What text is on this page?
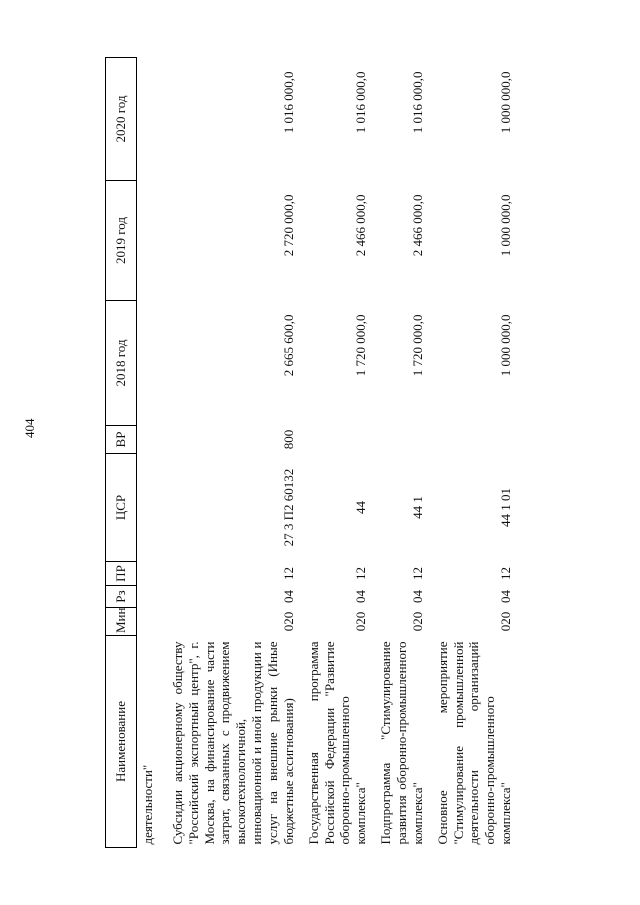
404
Наименование	Мин	Рз	ПР	ЦСР	ВР	2018 год	2019 год	2020 год
деятельности"								
Субсидии акционерному обществу "Российский экспортный центр", г. Москва, на финансирование части затрат, связанных с продвижением высокотехнологичной, инновационной и иной продукции и услуг на внешние рынки (Иные бюджетные ассигнования)	020	04	12	27 3 П2 60132	800	2 665 600,0	2 720 000,0	1 016 000,0
Государственная программа Российской Федерации "Развитие оборонно-промышленного комплекса"	020	04	12	44		1 720 000,0	2 466 000,0	1 016 000,0
Подпрограмма "Стимулирование развития оборонно-промышленного комплекса"	020	04	12	44 1		1 720 000,0	2 466 000,0	1 016 000,0
Основное мероприятие "Стимулирование промышленной деятельности организаций оборонно-промышленного комплекса"	020	04	12	44 1 01		1 000 000,0	1 000 000,0	1 000 000,0
